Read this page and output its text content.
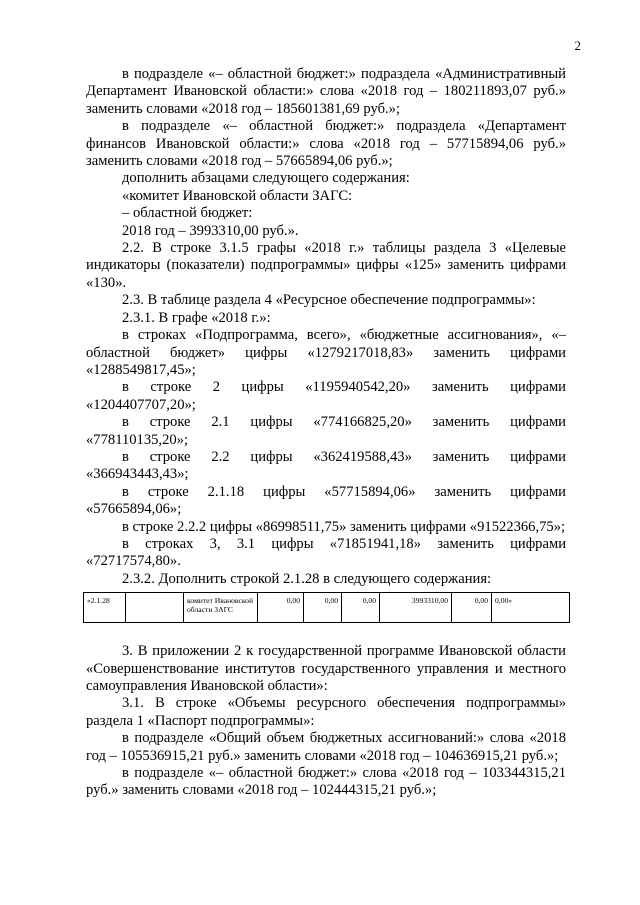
2

в подразделе «– областной бюджет:» подраздела «Административный Департамент Ивановской области:» слова «2018 год – 180211893,07 руб.» заменить словами «2018 год – 185601381,69 руб.»;

в подразделе «– областной бюджет:» подраздела «Департамент финансов Ивановской области:» слова «2018 год – 57715894,06 руб.» заменить словами «2018 год – 57665894,06 руб.»;

дополнить абзацами следующего содержания:

«комитет Ивановской области ЗАГС:

– областной бюджет:

2018 год – 3993310,00 руб.».

2.2. В строке 3.1.5 графы «2018 г.» таблицы раздела 3 «Целевые индикаторы (показатели) подпрограммы» цифры «125» заменить цифрами «130».

2.3. В таблице раздела 4 «Ресурсное обеспечение подпрограммы»:

2.3.1. В графе «2018 г.»:

в строках «Подпрограмма, всего», «бюджетные ассигнования», «– областной бюджет» цифры «1279217018,83» заменить цифрами «1288549817,45»;

в строке 2 цифры «1195940542,20» заменить цифрами «1204407707,20»;

в строке 2.1 цифры «774166825,20» заменить цифрами «778110135,20»;

в строке 2.2 цифры «362419588,43» заменить цифрами «366943443,43»;

в строке 2.1.18 цифры «57715894,06» заменить цифрами «57665894,06»;

в строке 2.2.2 цифры «86998511,75» заменить цифрами «91522366,75»;

в строках 3, 3.1 цифры «71851941,18» заменить цифрами «72717574,80».

2.3.2. Дополнить строкой 2.1.28 в следующего содержания:

«2.1.28		комитет Ивановской области ЗАГС	0,00	0,00	0,00	3993310,00	0,00	0,00»

3. В приложении 2 к государственной программе Ивановской области «Совершенствование институтов государственного управления и местного самоуправления Ивановской области»:

3.1. В строке «Объемы ресурсного обеспечения подпрограммы» раздела 1 «Паспорт подпрограммы»:

в подразделе «Общий объем бюджетных ассигнований:» слова «2018 год – 105536915,21 руб.» заменить словами «2018 год – 104636915,21 руб.»;

в подразделе «– областной бюджет:» слова «2018 год – 103344315,21 руб.» заменить словами «2018 год – 102444315,21 руб.»;
